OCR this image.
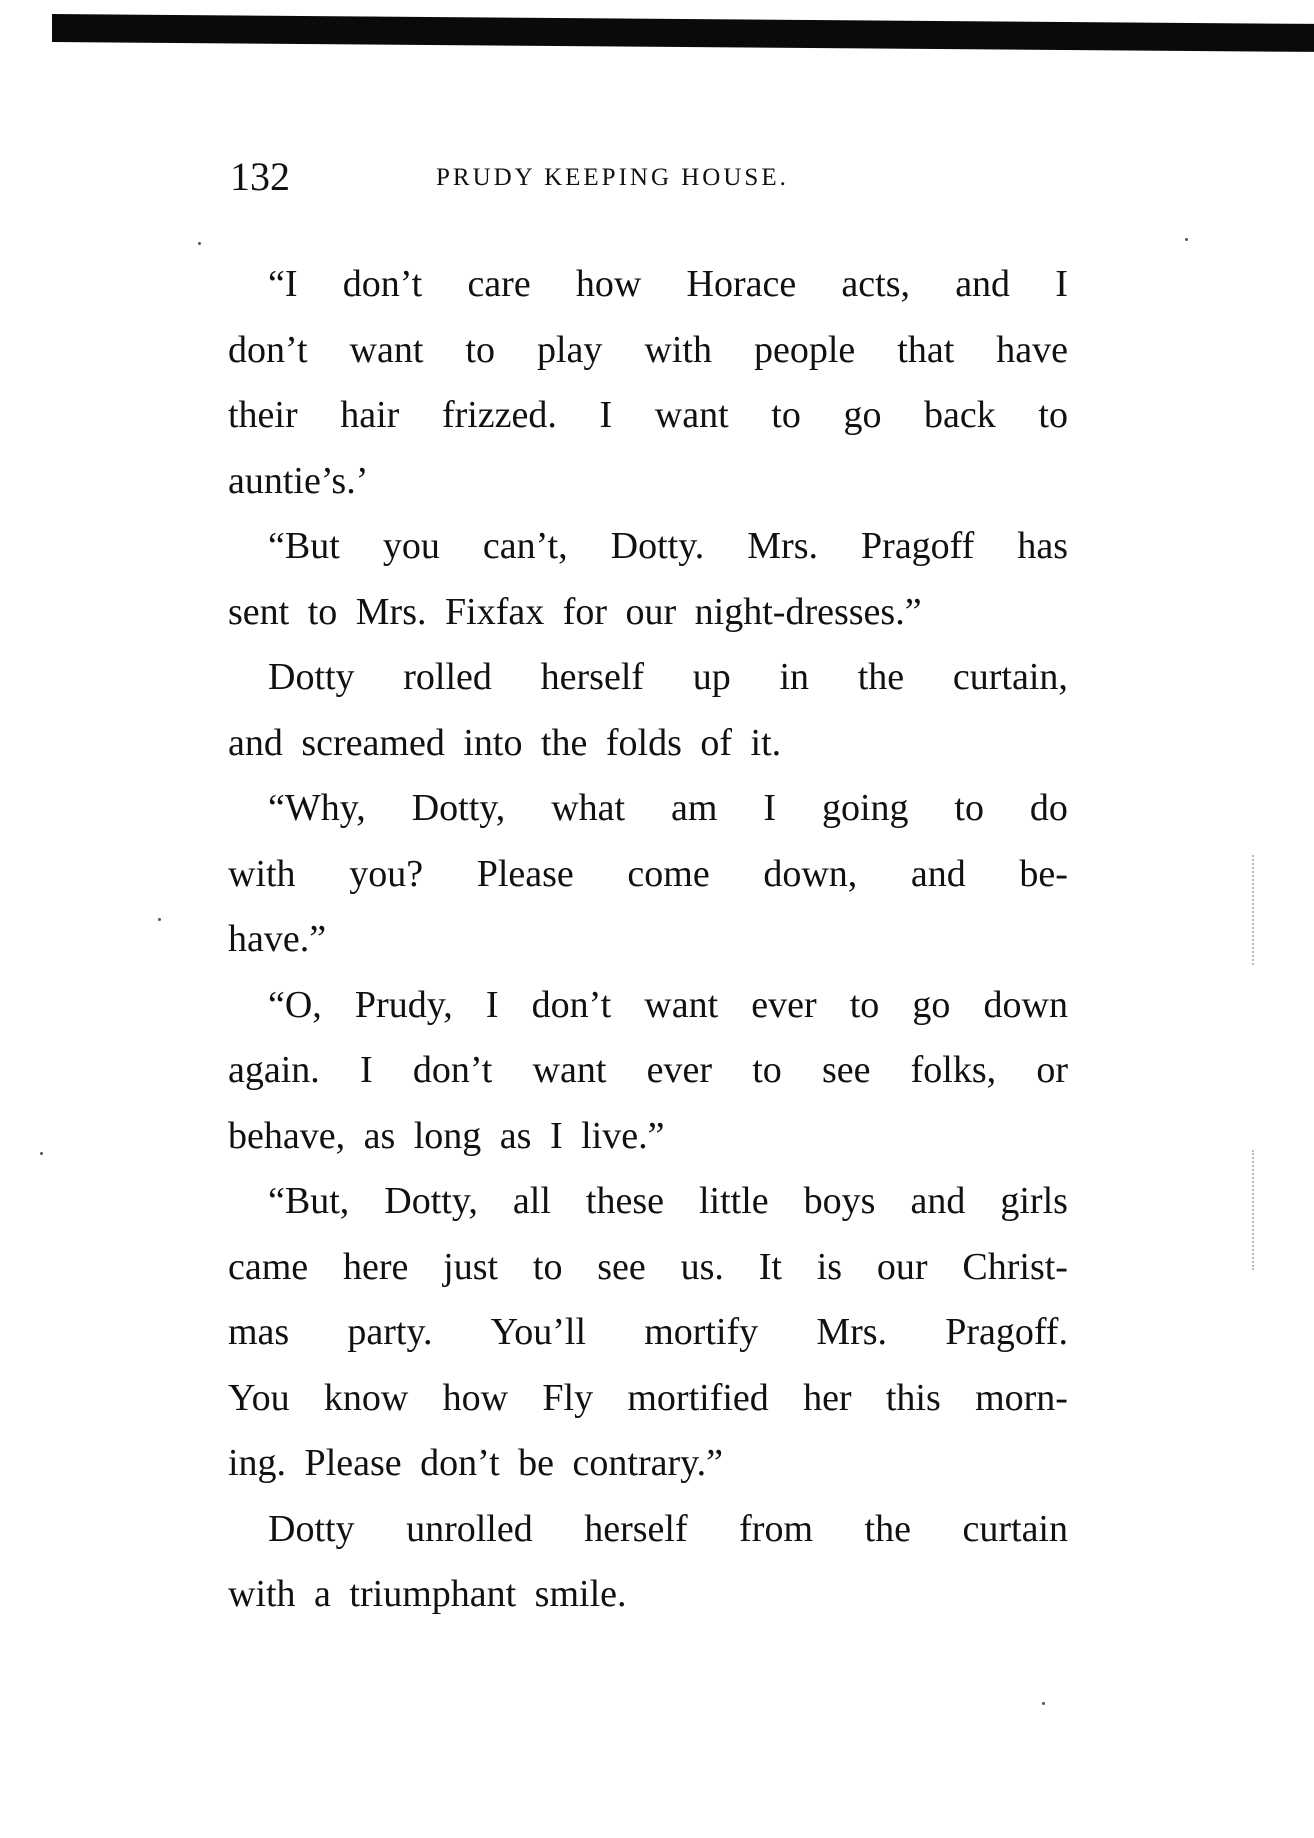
132	PRUDY KEEPING HOUSE.
“I don’t care how Horace acts, and I
don’t want to play with people that have
their hair frizzed. I want to go back to
auntie’s.’
“But you can’t, Dotty. Mrs. Pragoff has
sent to Mrs. Fixfax for our night-dresses.”
Dotty rolled herself up in the curtain,
and screamed into the folds of it.
“Why, Dotty, what am I going to do
with you? Please come down, and be-
have.”
“O, Prudy, I don’t want ever to go down
again. I don’t want ever to see folks, or
behave, as long as I live.”
“But, Dotty, all these little boys and girls
came here just to see us. It is our Christ-
mas party. You’ll mortify Mrs. Pragoff.
You know how Fly mortified her this morn-
ing. Please don’t be contrary.”
Dotty unrolled herself from the curtain
with a triumphant smile.
